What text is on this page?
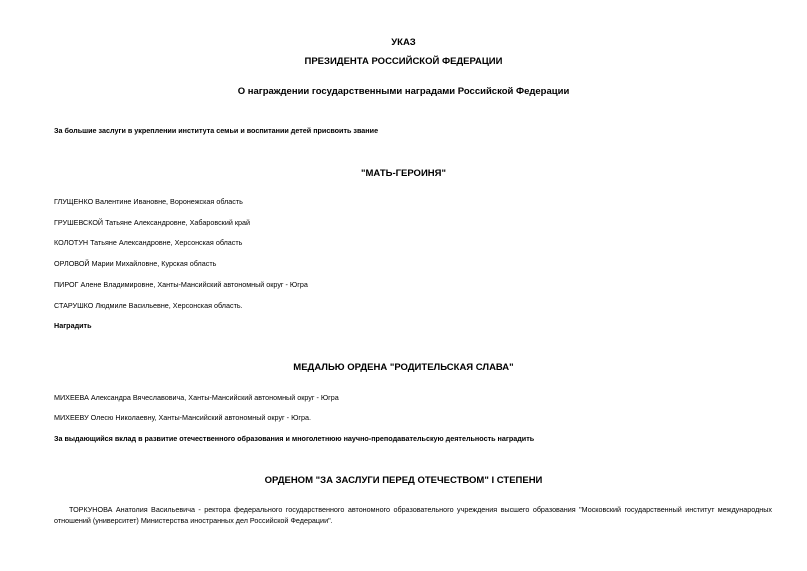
УКАЗ
ПРЕЗИДЕНТА РОССИЙСКОЙ ФЕДЕРАЦИИ
О награждении государственными наградами Российской Федерации
За большие заслуги в укреплении института семьи и воспитании детей присвоить звание
"МАТЬ-ГЕРОИНЯ"
ГЛУЩЕНКО Валентине Ивановне, Воронежская область
ГРУШЕВСКОЙ Татьяне Александровне, Хабаровский край
КОЛОТУН Татьяне Александровне, Херсонская область
ОРЛОВОЙ Марии Михайловне, Курская область
ПИРОГ Алене Владимировне, Ханты-Мансийский автономный округ - Югра
СТАРУШКО Людмиле Васильевне, Херсонская область.
Наградить
МЕДАЛЬЮ ОРДЕНА "РОДИТЕЛЬСКАЯ СЛАВА"
МИХЕЕВА Александра Вячеславовича, Ханты-Мансийский автономный округ - Югра
МИХЕЕВУ Олесю Николаевну, Ханты-Мансийский автономный округ - Югра.
За выдающийся вклад в развитие отечественного образования и многолетнюю научно-преподавательскую деятельность наградить
ОРДЕНОМ "ЗА ЗАСЛУГИ ПЕРЕД ОТЕЧЕСТВОМ" I СТЕПЕНИ
ТОРКУНОВА Анатолия Васильевича - ректора федерального государственного автономного образовательного учреждения высшего образования "Московский государственный институт международных отношений (университет) Министерства иностранных дел Российской Федерации".
